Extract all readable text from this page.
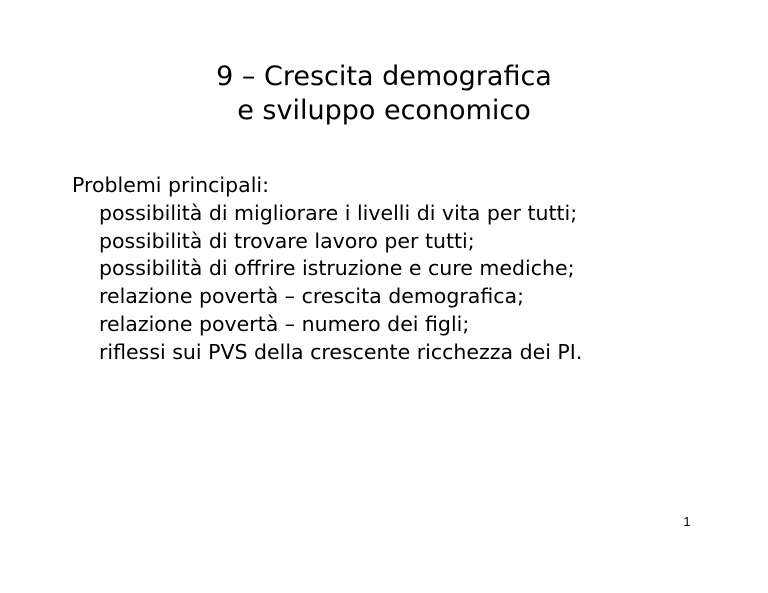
9 – Crescita demografica
e sviluppo economico
Problemi principali:
possibilità di migliorare i livelli di vita per tutti;
possibilità di trovare lavoro per tutti;
possibilità di offrire istruzione e cure mediche;
relazione povertà – crescita demografica;
relazione povertà – numero dei figli;
riflessi sui PVS della crescente ricchezza dei PI.
1
